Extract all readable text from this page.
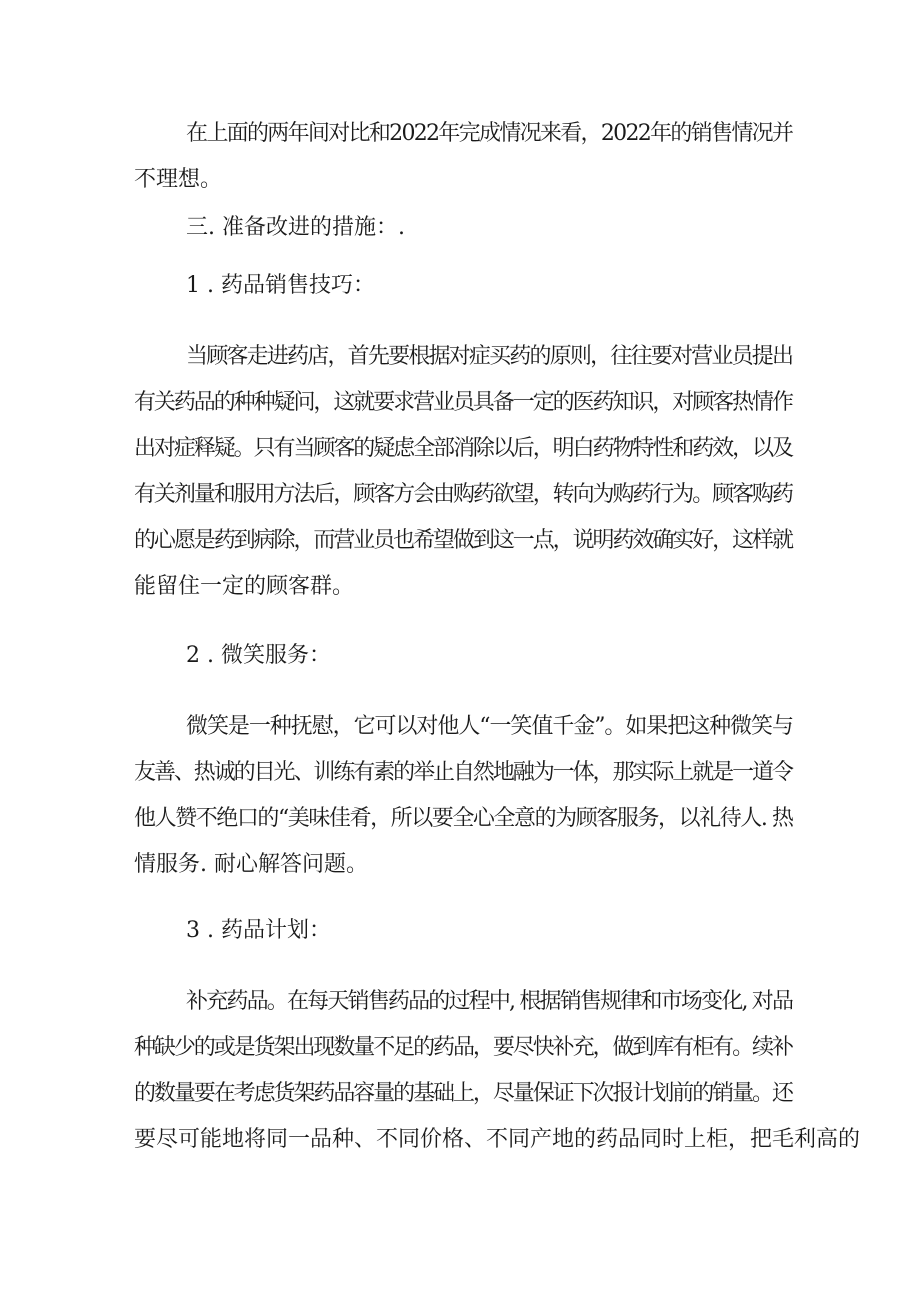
在上面的两年间对比和2022年完成情况来看，2022年的销售情况并
不理想。
三. 准备改进的措施：.
1 . 药品销售技巧：
当顾客走进药店，首先要根据对症买药的原则，往往要对营业员提出
有关药品的种种疑问，这就要求营业员具备一定的医药知识，对顾客热情作
出对症释疑。只有当顾客的疑虑全部消除以后，明白药物特性和药效，以及
有关剂量和服用方法后，顾客方会由购药欲望，转向为购药行为。顾客购药
的心愿是药到病除，而营业员也希望做到这一点，说明药效确实好，这样就
能留住一定的顾客群。
2 . 微笑服务：
微笑是一种抚慰，它可以对他人“一笑值千金”。如果把这种微笑与
友善、热诚的目光、训练有素的举止自然地融为一体，那实际上就是一道令
他人赞不绝口的“美味佳肴，所以要全心全意的为顾客服务，以礼待人. 热
情服务. 耐心解答问题。
3 . 药品计划：
补充药品。在每天销售药品的过程中, 根据销售规律和市场变化, 对品
种缺少的或是货架出现数量不足的药品，要尽快补充，做到库有柜有。续补
的数量要在考虑货架药品容量的基础上，尽量保证下次报计划前的销量。还
要尽可能地将同一品种、不同价格、不同产地的药品同时上柜，把毛利高的
